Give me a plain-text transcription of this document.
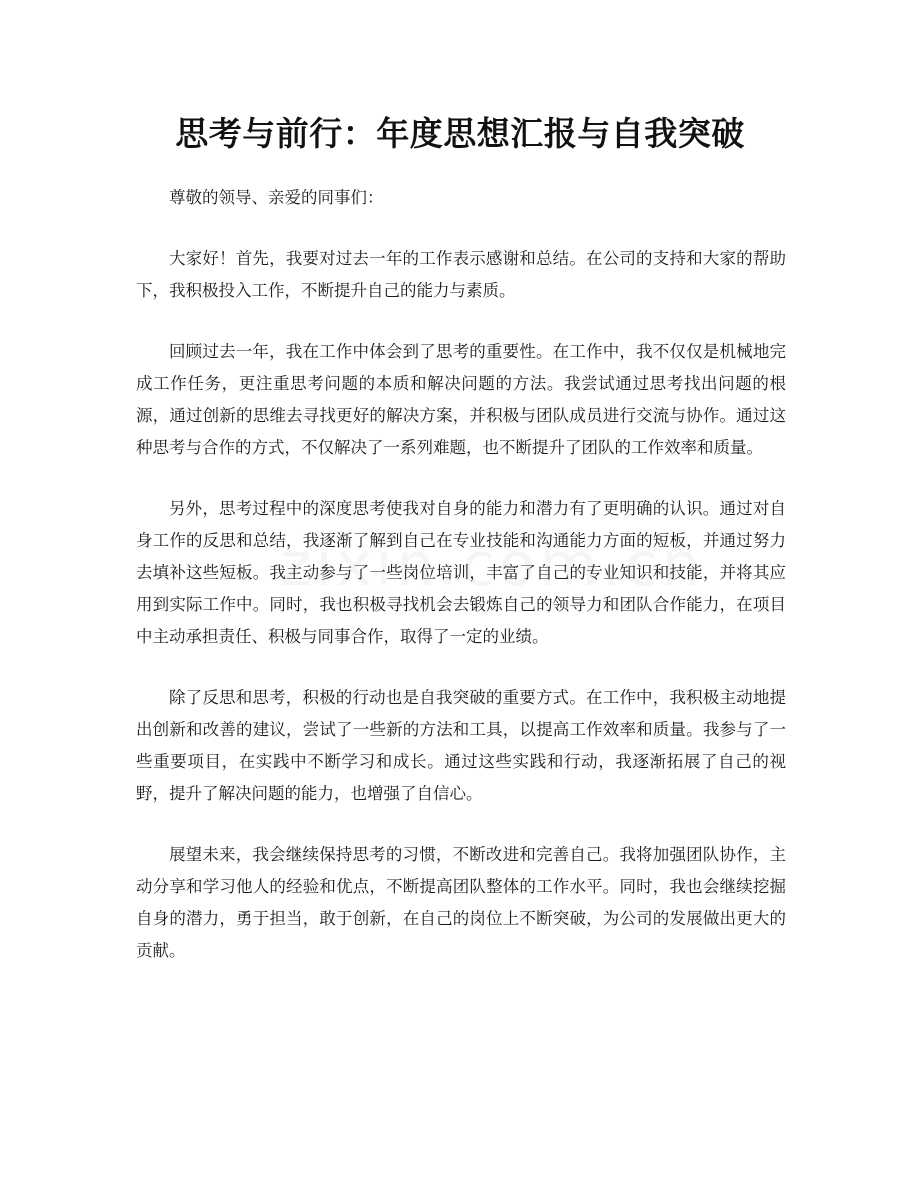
思考与前行：年度思想汇报与自我突破

尊敬的领导、亲爱的同事们：

大家好！首先，我要对过去一年的工作表示感谢和总结。在公司的支持和大家的帮助下，我积极投入工作，不断提升自己的能力与素质。

回顾过去一年，我在工作中体会到了思考的重要性。在工作中，我不仅仅是机械地完成工作任务，更注重思考问题的本质和解决问题的方法。我尝试通过思考找出问题的根源，通过创新的思维去寻找更好的解决方案，并积极与团队成员进行交流与协作。通过这种思考与合作的方式，不仅解决了一系列难题，也不断提升了团队的工作效率和质量。

另外，思考过程中的深度思考使我对自身的能力和潜力有了更明确的认识。通过对自身工作的反思和总结，我逐渐了解到自己在专业技能和沟通能力方面的短板，并通过努力去填补这些短板。我主动参与了一些岗位培训，丰富了自己的专业知识和技能，并将其应用到实际工作中。同时，我也积极寻找机会去锻炼自己的领导力和团队合作能力，在项目中主动承担责任、积极与同事合作，取得了一定的业绩。

除了反思和思考，积极的行动也是自我突破的重要方式。在工作中，我积极主动地提出创新和改善的建议，尝试了一些新的方法和工具，以提高工作效率和质量。我参与了一些重要项目，在实践中不断学习和成长。通过这些实践和行动，我逐渐拓展了自己的视野，提升了解决问题的能力，也增强了自信心。

展望未来，我会继续保持思考的习惯，不断改进和完善自己。我将加强团队协作，主动分享和学习他人的经验和优点，不断提高团队整体的工作水平。同时，我也会继续挖掘自身的潜力，勇于担当，敢于创新，在自己的岗位上不断突破，为公司的发展做出更大的贡献。
